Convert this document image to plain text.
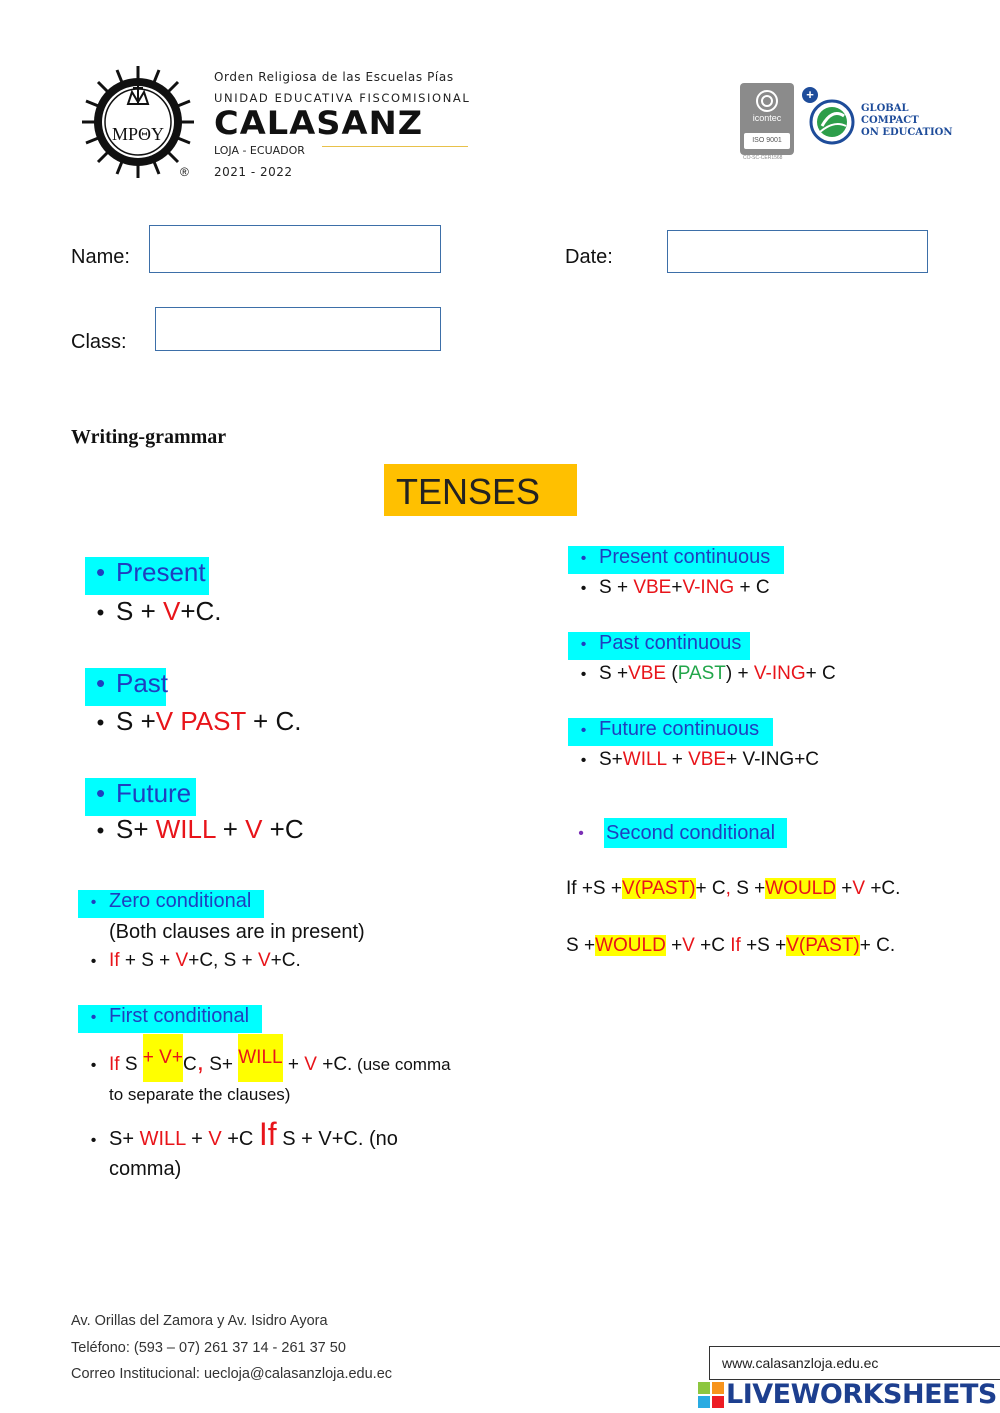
MPΘY
®
Orden Religiosa de las Escuelas Pías
UNIDAD EDUCATIVA FISCOMISIONAL
CALASANZ
LOJA - ECUADOR
2021 - 2022
icontec
ISO 9001
CO-SC-CER1568
+
GLOBAL
COMPACT
ON EDUCATION
Name:	Date:
Class:
Writing-grammar
TENSES
• Present
• S + V+C.
• Past
• S +V PAST + C.
• Future
• S+ WILL + V +C
• Zero conditional
(Both clauses are in present)
• If + S + V+C, S + V+C.
• First conditional
• If S + V+C, S+ WILL + V +C. (use comma
to separate the clauses)
• S+ WILL + V +C If S + V+C. (no
comma)
• Present continuous
• S + VBE+V-ING + C
• Past continuous
• S +VBE (PAST) + V-ING+ C
• Future continuous
• S+WILL + VBE+ V-ING+C
•	Second conditional
If +S +V(PAST)+ C, S +WOULD +V +C.
S +WOULD +V +C If +S +V(PAST)+ C.
Av. Orillas del Zamora y Av. Isidro Ayora
Teléfono: (593 – 07) 261 37 14 - 261 37 50
Correo Institucional: uecloja@calasanzloja.edu.ec
www.calasanzloja.edu.ec
LIVEWORKSHEETS
